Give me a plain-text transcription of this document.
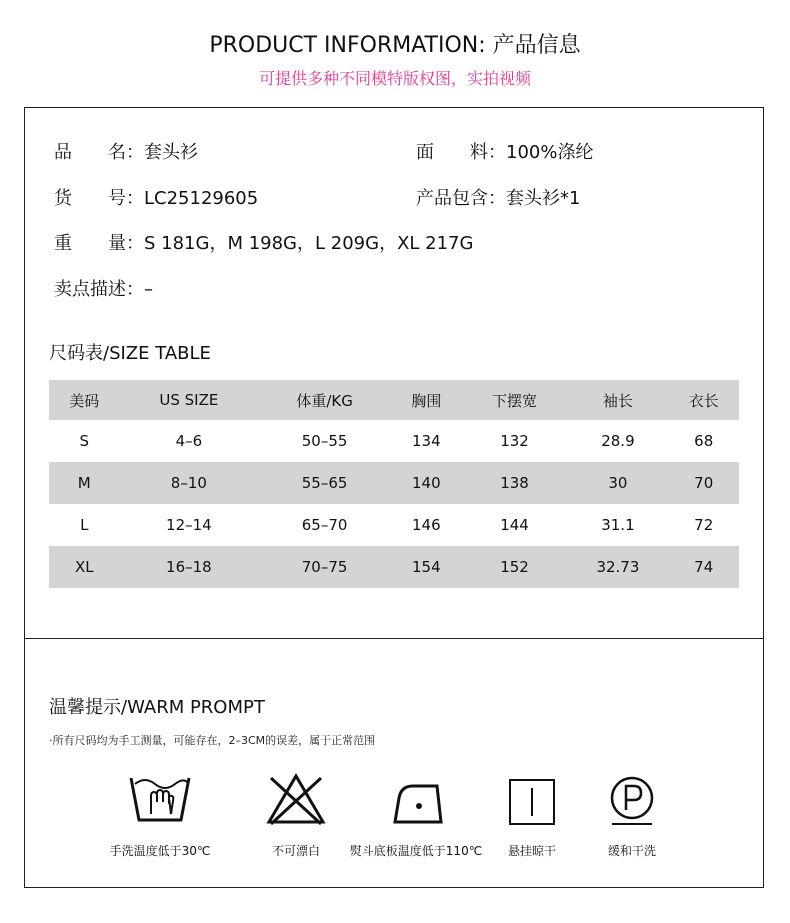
PRODUCT INFORMATION: 产品信息
可提供多种不同模特版权图，实拍视频
品　　名：套头衫	面　　料：100%涤纶
货　　号：LC25129605	产品包含：套头衫*1
重　　量：S 181G，M 198G，L 209G，XL 217G
卖点描述：–
尺码表/SIZE TABLE
美码	US SIZE	体重/KG	胸围	下摆宽	袖长	衣长
S	4–6	50–55	134	132	28.9	68
M	8–10	55–65	140	138	30	70
L	12–14	65–70	146	144	31.1	72
XL	16–18	70–75	154	152	32.73	74
温馨提示/WARM PROMPT
·所有尺码均为手工测量，可能存在，2–3CM的误差，属于正常范围
手洗温度低于30℃	不可漂白	熨斗底板温度低于110℃	悬挂晾干	缓和干洗
